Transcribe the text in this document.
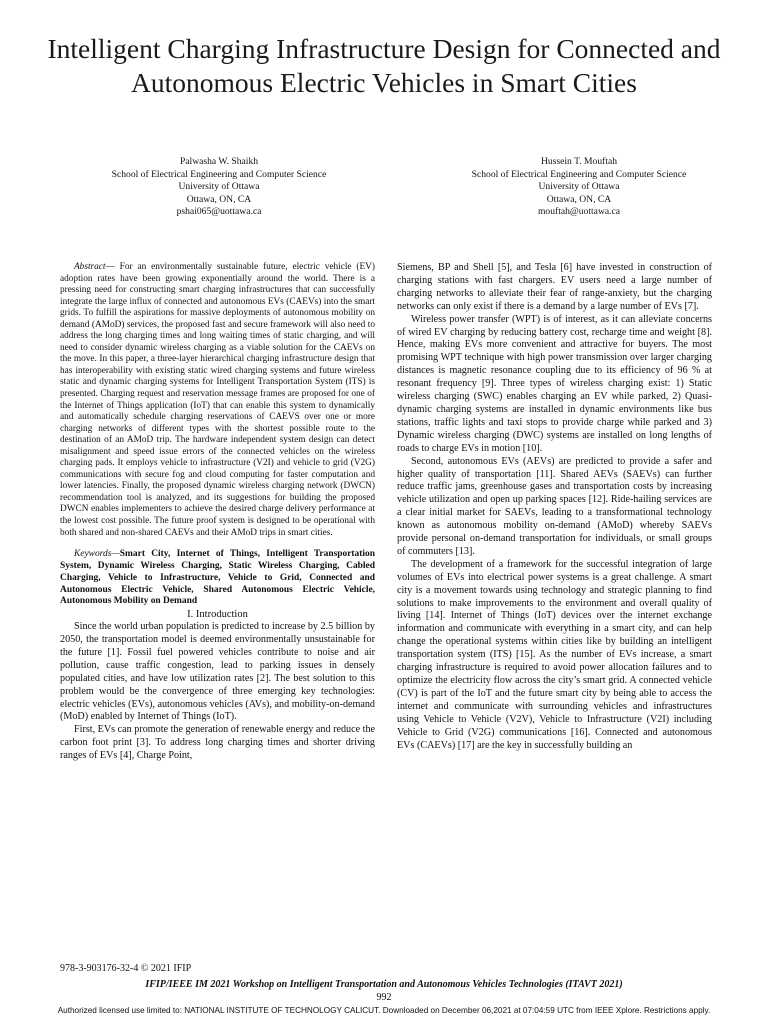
Intelligent Charging Infrastructure Design for Connected and Autonomous Electric Vehicles in Smart Cities
Palwasha W. Shaikh
School of Electrical Engineering and Computer Science
University of Ottawa
Ottawa, ON, CA
pshai065@uottawa.ca
Hussein T. Mouftah
School of Electrical Engineering and Computer Science
University of Ottawa
Ottawa, ON, CA
mouftah@uottawa.ca

Abstract— For an environmentally sustainable future, electric vehicle (EV) adoption rates have been growing exponentially around the world. There is a pressing need for constructing smart charging infrastructures that can successfully integrate the large influx of connected and autonomous EVs (CAEVs) into the smart grids. To fulfill the aspirations for massive deployments of autonomous mobility on demand (AMoD) services, the proposed fast and secure framework will also need to address the long charging times and long waiting times of static charging, and will need to consider dynamic wireless charging as a viable solution for the CAEVs on the move. In this paper, a three-layer hierarchical charging infrastructure design that has interoperability with existing static wired charging systems and future wireless static and dynamic charging systems for Intelligent Transportation System (ITS) is presented. Charging request and reservation message frames are proposed for one of the Internet of Things application (IoT) that can enable this system to dynamically and automatically schedule charging reservations of CAEVS over one or more charging networks of different types with the shortest possible route to the destination of an AMoD trip. The hardware independent system design can detect misalignment and speed issue errors of the connected vehicles on the wireless charging pads. It employs vehicle to infrastructure (V2I) and vehicle to grid (V2G) communications with secure fog and cloud computing for faster computation and lower latencies. Finally, the proposed dynamic wireless charging network (DWCN) recommendation tool is analyzed, and its suggestions for building the proposed DWCN enables implementers to achieve the desired charge delivery performance at the lowest cost possible. The future proof system is designed to be operational with both shared and non-shared CAEVs and their AMoD trips in smart cities.

Keywords—Smart City, Internet of Things, Intelligent Transportation System, Dynamic Wireless Charging, Static Wireless Charging, Cabled Charging, Vehicle to Infrastructure, Vehicle to Grid, Connected and Autonomous Electric Vehicle, Shared Autonomous Electric Vehicle, Autonomous Mobility on Demand

I. Introduction

Since the world urban population is predicted to increase by 2.5 billion by 2050, the transportation model is deemed environmentally unsustainable for the future [1]. Fossil fuel powered vehicles contribute to noise and air pollution, cause traffic congestion, lead to parking issues in densely populated cities, and have low utilization rates [2]. The best solution to this problem would be the convergence of three emerging key technologies: electric vehicles (EVs), autonomous vehicles (AVs), and mobility-on-demand (MoD) enabled by Internet of Things (IoT).

First, EVs can promote the generation of renewable energy and reduce the carbon foot print [3]. To address long charging times and shorter driving ranges of EVs [4], Charge Point,

Siemens, BP and Shell [5], and Tesla [6] have invested in construction of charging stations with fast chargers. EV users need a large number of charging networks to alleviate their fear of range-anxiety, but the charging networks can only exist if there is a demand by a large number of EVs [7].

Wireless power transfer (WPT) is of interest, as it can alleviate concerns of wired EV charging by reducing battery cost, recharge time and weight [8]. Hence, making EVs more convenient and attractive for buyers. The most promising WPT technique with high power transmission over larger charging distances is magnetic resonance coupling due to its efficiency of 96 % at resonant frequency [9]. Three types of wireless charging exist: 1) Static wireless charging (SWC) enables charging an EV while parked, 2) Quasi-dynamic charging systems are installed in dynamic environments like bus stations, traffic lights and taxi stops to provide charge while parked and 3) Dynamic wireless charging (DWC) systems are installed on long lengths of roads to charge EVs in motion [10].

Second, autonomous EVs (AEVs) are predicted to provide a safer and higher quality of transportation [11]. Shared AEVs (SAEVs) can further reduce traffic jams, greenhouse gases and transportation costs by increasing vehicle utilization and open up parking spaces [12]. Ride-hailing services are a clear initial market for SAEVs, leading to a transformational technology known as autonomous mobility on-demand (AMoD) whereby SAEVs provide personal on-demand transportation for individuals, or small groups of commuters [13].

The development of a framework for the successful integration of large volumes of EVs into electrical power systems is a great challenge. A smart city is a movement towards using technology and strategic planning to find solutions to make improvements to the environment and overall quality of living [14]. Internet of Things (IoT) devices over the internet exchange information and communicate with everything in a smart city, and can help change the operational systems within cities like by building an intelligent transportation system (ITS) [15]. As the number of EVs increase, a smart charging infrastructure is required to avoid power allocation failures and to optimize the electricity flow across the city’s smart grid. A connected vehicle (CV) is part of the IoT and the future smart city by being able to access the internet and communicate with surrounding vehicles and infrastructures using Vehicle to Vehicle (V2V), Vehicle to Infrastructure (V2I) including Vehicle to Grid (V2G) communications [16]. Connected and autonomous EVs (CAEVs) [17] are the key in successfully building an

978-3-903176-32-4 © 2021 IFIP
IFIP/IEEE IM 2021 Workshop on Intelligent Transportation and Autonomous Vehicles Technologies (ITAVT 2021)
992
Authorized licensed use limited to: NATIONAL INSTITUTE OF TECHNOLOGY CALICUT. Downloaded on December 06,2021 at 07:04:59 UTC from IEEE Xplore. Restrictions apply.
